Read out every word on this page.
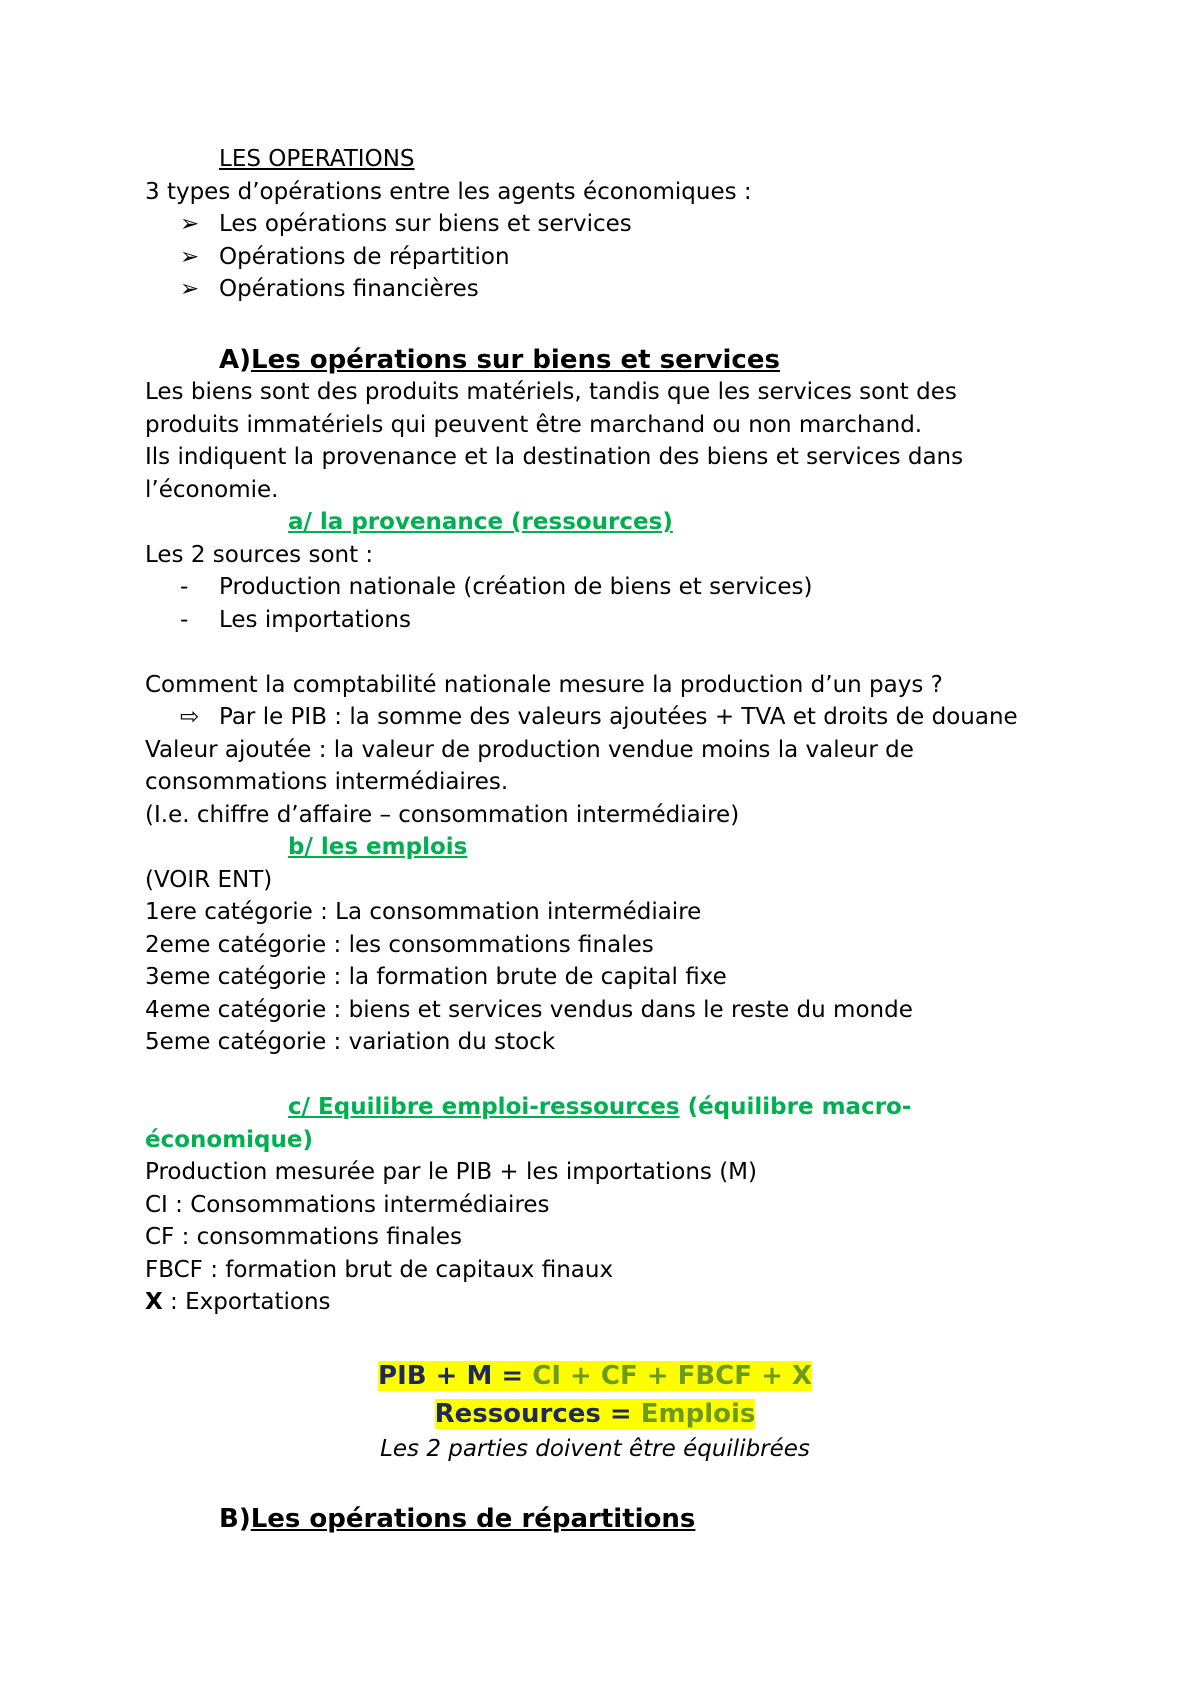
LES OPERATIONS

3 types d’opérations entre les agents économiques :

➢ Les opérations sur biens et services

➢ Opérations de répartition

➢ Opérations financières

A)Les opérations sur biens et services

Les biens sont des produits matériels, tandis que les services sont des

produits immatériels qui peuvent être marchand ou non marchand.

Ils indiquent la provenance et la destination des biens et services dans

l’économie.

a/ la provenance (ressources)

Les 2 sources sont :

- Production nationale (création de biens et services)

- Les importations

Comment la comptabilité nationale mesure la production d’un pays ?

⇨ Par le PIB : la somme des valeurs ajoutées + TVA et droits de douane

Valeur ajoutée : la valeur de production vendue moins la valeur de

consommations intermédiaires.

(I.e. chiffre d’affaire – consommation intermédiaire)

b/ les emplois

(VOIR ENT)

1ere catégorie : La consommation intermédiaire

2eme catégorie : les consommations finales

3eme catégorie : la formation brute de capital fixe

4eme catégorie : biens et services vendus dans le reste du monde

5eme catégorie : variation du stock

c/ Equilibre emploi-ressources (équilibre macro-

économique)

Production mesurée par le PIB + les importations (M)

CI : Consommations intermédiaires

CF : consommations finales

FBCF : formation brut de capitaux finaux

X : Exportations

PIB + M = CI + CF + FBCF + X

Ressources = Emplois

Les 2 parties doivent être équilibrées

B)Les opérations de répartitions
